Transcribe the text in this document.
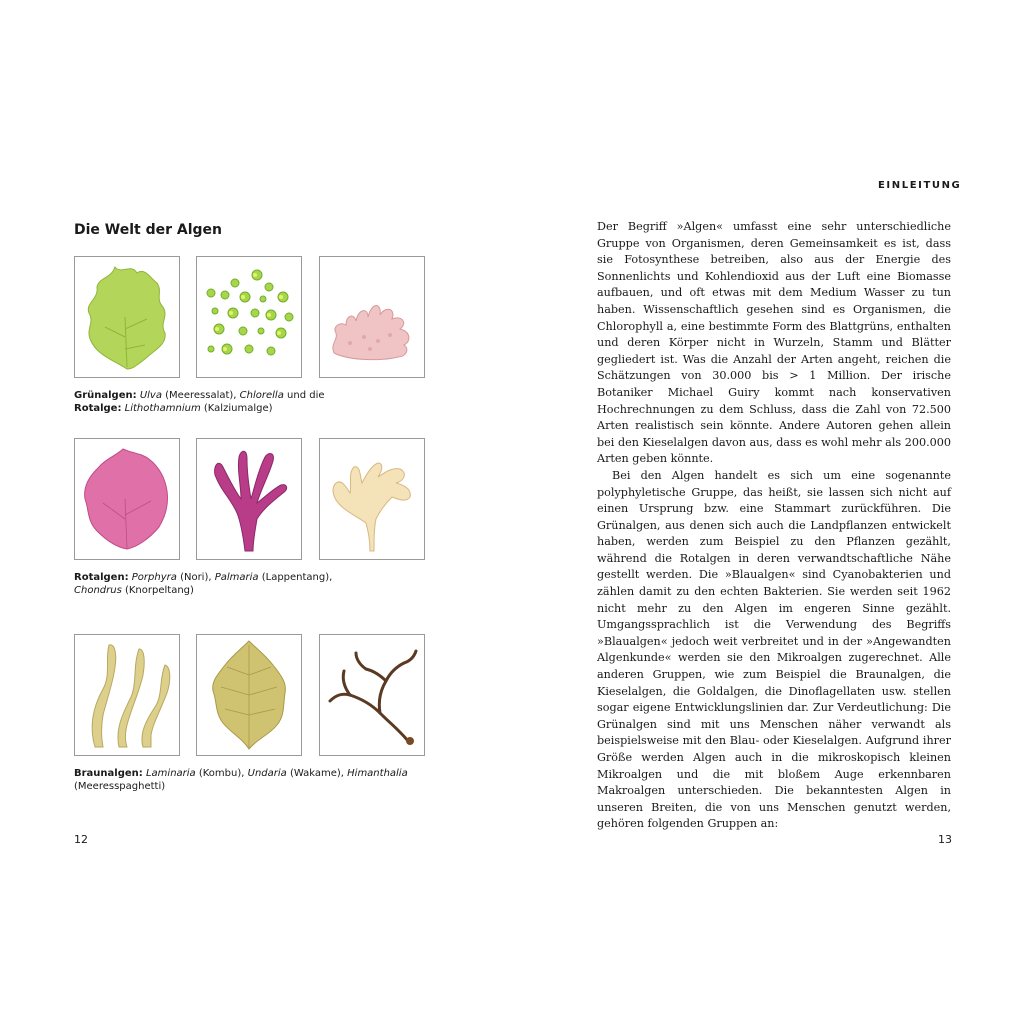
EINLEITUNG
Die Welt der Algen
Grünalgen: Ulva (Meeressalat), Chlorella und die
Rotalge: Lithothamnium (Kalziumalge)
Rotalgen: Porphyra (Nori), Palmaria (Lappentang),
Chondrus (Knorpeltang)
Braunalgen: Laminaria (Kombu), Undaria (Wakame), Himanthalia
(Meeresspaghetti)
12

Der Begriff »Algen« umfasst eine sehr unterschiedliche Gruppe von Organismen, deren Gemeinsamkeit es ist, dass sie Fotosynthese betreiben, also aus der Energie des Sonnenlichts und Kohlendioxid aus der Luft eine Biomasse aufbauen, und oft etwas mit dem Medium Wasser zu tun haben. Wissenschaftlich gesehen sind es Organismen, die Chlorophyll a, eine bestimmte Form des Blattgrüns, enthalten und deren Körper nicht in Wurzeln, Stamm und Blätter gegliedert ist. Was die Anzahl der Arten angeht, reichen die Schätzungen von 30.000 bis > 1 Million. Der irische Botaniker Michael Guiry kommt nach konservativen Hochrechnungen zu dem Schluss, dass die Zahl von 72.500 Arten realistisch sein könnte. Andere Autoren gehen allein bei den Kieselalgen davon aus, dass es wohl mehr als 200.000 Arten geben könnte.

Bei den Algen handelt es sich um eine sogenannte polyphyletische Gruppe, das heißt, sie lassen sich nicht auf einen Ursprung bzw. eine Stammart zurückführen. Die Grünalgen, aus denen sich auch die Landpflanzen entwickelt haben, werden zum Beispiel zu den Pflanzen gezählt, während die Rotalgen in deren verwandtschaftliche Nähe gestellt werden. Die »Blaualgen« sind Cyanobakterien und zählen damit zu den echten Bakterien. Sie werden seit 1962 nicht mehr zu den Algen im engeren Sinne gezählt. Umgangssprachlich ist die Verwendung des Begriffs »Blaualgen« jedoch weit verbreitet und in der »Angewandten Algenkunde« werden sie den Mikroalgen zugerechnet. Alle anderen Gruppen, wie zum Beispiel die Braunalgen, die Kieselalgen, die Goldalgen, die Dinoflagellaten usw. stellen sogar eigene Entwicklungslinien dar. Zur Verdeutlichung: Die Grünalgen sind mit uns Menschen näher verwandt als beispielsweise mit den Blau- oder Kieselalgen. Aufgrund ihrer Größe werden Algen auch in die mikroskopisch kleinen Mikroalgen und die mit bloßem Auge erkennbaren Makroalgen unterschieden. Die bekanntesten Algen in unseren Breiten, die von uns Menschen genutzt werden, gehören folgenden Gruppen an:

13
